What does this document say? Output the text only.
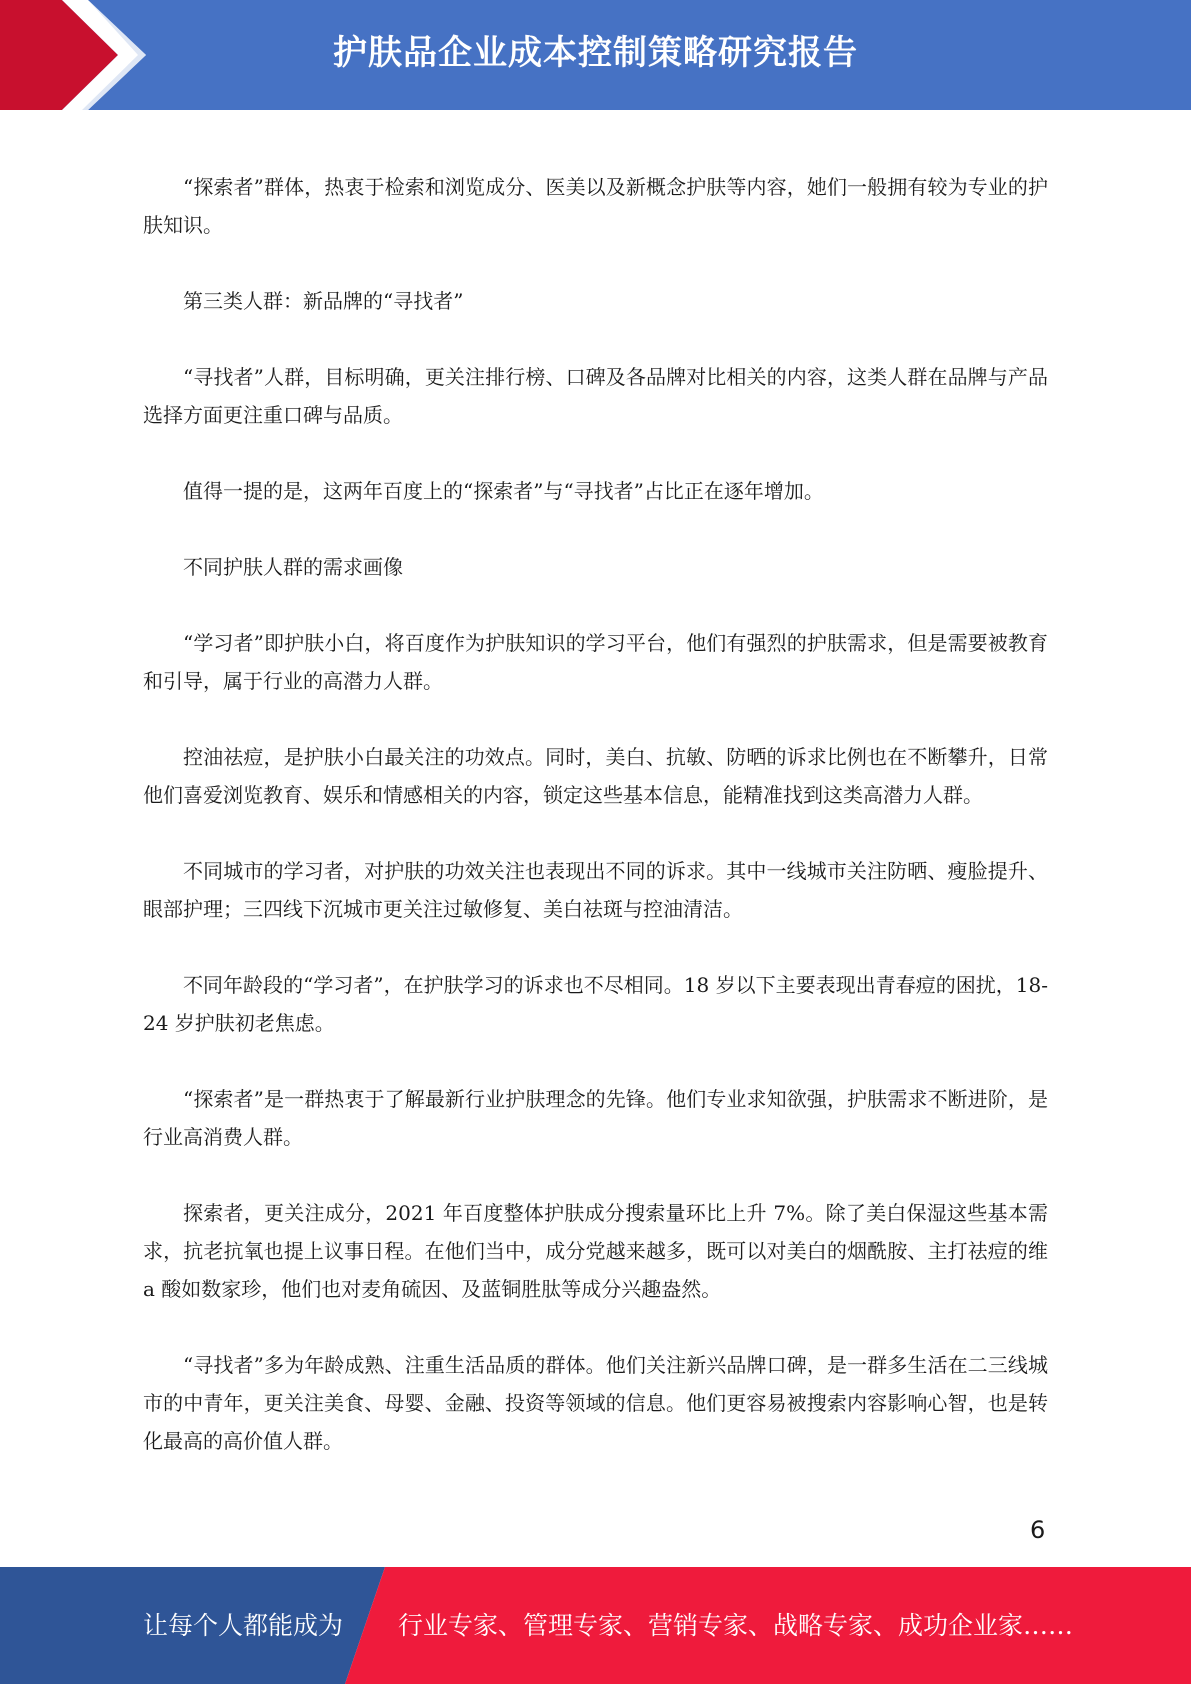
护肤品企业成本控制策略研究报告

“探索者”群体，热衷于检索和浏览成分、医美以及新概念护肤等内容，她们一般拥有较为专业的护肤知识。

第三类人群：新品牌的“寻找者”

“寻找者”人群，目标明确，更关注排行榜、口碑及各品牌对比相关的内容，这类人群在品牌与产品选择方面更注重口碑与品质。

值得一提的是，这两年百度上的“探索者”与“寻找者”占比正在逐年增加。

不同护肤人群的需求画像

“学习者”即护肤小白，将百度作为护肤知识的学习平台，他们有强烈的护肤需求，但是需要被教育和引导，属于行业的高潜力人群。

控油祛痘，是护肤小白最关注的功效点。同时，美白、抗敏、防晒的诉求比例也在不断攀升，日常他们喜爱浏览教育、娱乐和情感相关的内容，锁定这些基本信息，能精准找到这类高潜力人群。

不同城市的学习者，对护肤的功效关注也表现出不同的诉求。其中一线城市关注防晒、瘦脸提升、眼部护理；三四线下沉城市更关注过敏修复、美白祛斑与控油清洁。

不同年龄段的“学习者”，在护肤学习的诉求也不尽相同。18 岁以下主要表现出青春痘的困扰，18-24 岁护肤初老焦虑。

“探索者”是一群热衷于了解最新行业护肤理念的先锋。他们专业求知欲强，护肤需求不断进阶，是行业高消费人群。

探索者，更关注成分，2021 年百度整体护肤成分搜索量环比上升 7%。除了美白保湿这些基本需求，抗老抗氧也提上议事日程。在他们当中，成分党越来越多，既可以对美白的烟酰胺、主打祛痘的维 a 酸如数家珍，他们也对麦角硫因、及蓝铜胜肽等成分兴趣盎然。

“寻找者”多为年龄成熟、注重生活品质的群体。他们关注新兴品牌口碑，是一群多生活在二三线城市的中青年，更关注美食、母婴、金融、投资等领域的信息。他们更容易被搜索内容影响心智，也是转化最高的高价值人群。

6
让每个人都能成为 行业专家、管理专家、营销专家、战略专家、成功企业家……
